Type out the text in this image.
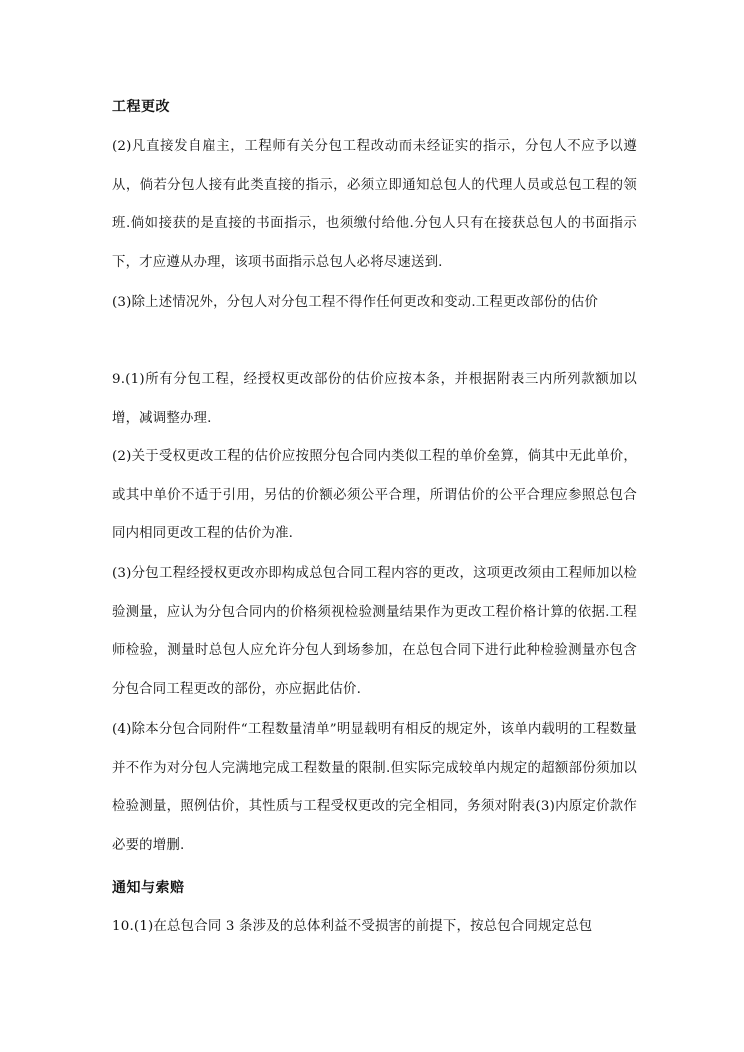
工程更改

(2)凡直接发自雇主，工程师有关分包工程改动而未经证实的指示，分包人不应予以遵从，倘若分包人接有此类直接的指示，必须立即通知总包人的代理人员或总包工程的领班.倘如接获的是直接的书面指示，也须缴付给他.分包人只有在接获总包人的书面指示下，才应遵从办理，该项书面指示总包人必将尽速送到.

(3)除上述情况外，分包人对分包工程不得作任何更改和变动.工程更改部份的估价

9.(1)所有分包工程，经授权更改部份的估价应按本条，并根据附表三内所列款额加以增，减调整办理.

(2)关于受权更改工程的估价应按照分包合同内类似工程的单价垒算，倘其中无此单价，或其中单价不适于引用，另估的价额必须公平合理，所谓估价的公平合理应参照总包合同内相同更改工程的估价为准.

(3)分包工程经授权更改亦即构成总包合同工程内容的更改，这项更改须由工程师加以检验测量，应认为分包合同内的价格须视检验测量结果作为更改工程价格计算的依据.工程师检验，测量时总包人应允许分包人到场参加，在总包合同下进行此种检验测量亦包含分包合同工程更改的部份，亦应据此估价.

(4)除本分包合同附件“工程数量清单”明显载明有相反的规定外，该单内载明的工程数量并不作为对分包人完满地完成工程数量的限制.但实际完成较单内规定的超额部份须加以检验测量，照例估价，其性质与工程受权更改的完全相同，务须对附表(3)内原定价款作必要的增删.

通知与索赔

10.(1)在总包合同 3 条涉及的总体利益不受损害的前提下，按总包合同规定总包
